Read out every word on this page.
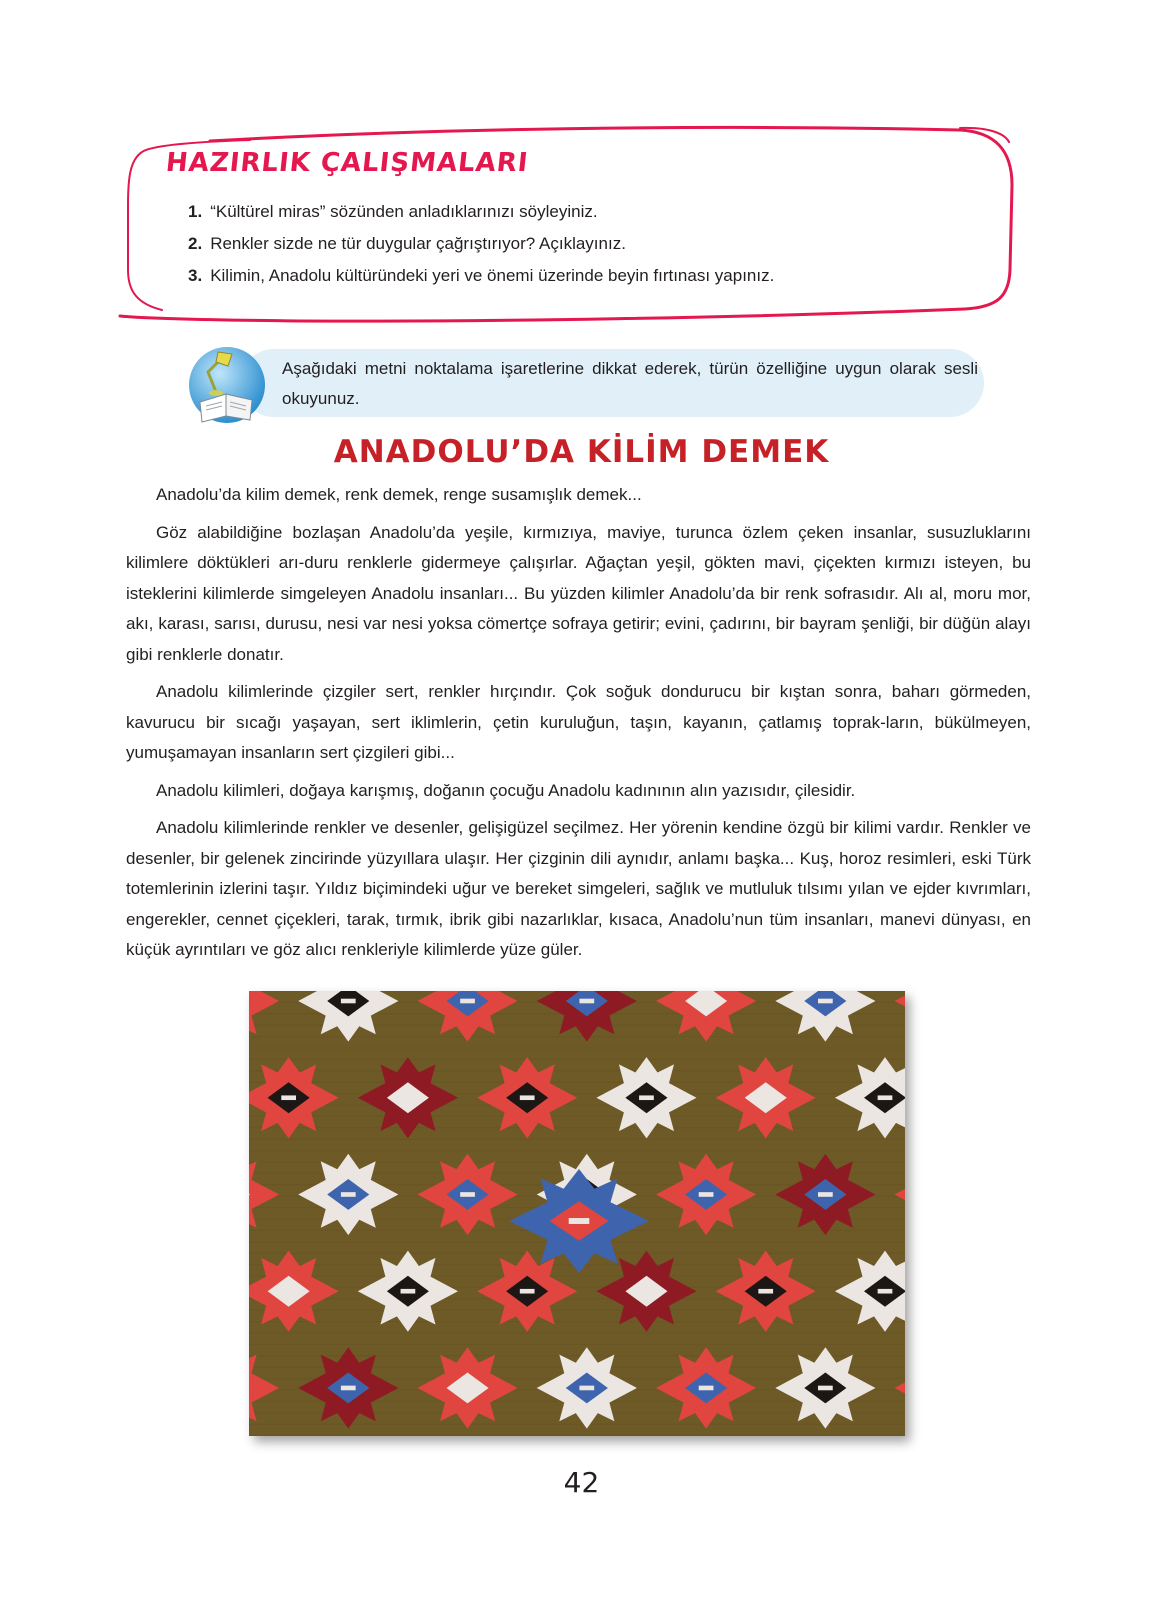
HAZIRLIK ÇALIŞMALARI
1. “Kültürel miras” sözünden anladıklarınızı söyleyiniz.
2. Renkler sizde ne tür duygular çağrıştırıyor? Açıklayınız.
3. Kilimin, Anadolu kültüründeki yeri ve önemi üzerinde beyin fırtınası yapınız.

Aşağıdaki metni noktalama işaretlerine dikkat ederek, türün özelliğine uygun olarak sesli okuyunuz.

ANADOLU’DA KİLİM DEMEK

Anadolu’da kilim demek, renk demek, renge susamışlık demek...

Göz alabildiğine bozlaşan Anadolu’da yeşile, kırmızıya, maviye, turunca özlem çeken insanlar, susuzluklarını kilimlere döktükleri arı-duru renklerle gidermeye çalışırlar. Ağaçtan yeşil, gökten mavi, çiçekten kırmızı isteyen, bu isteklerini kilimlerde simgeleyen Anadolu insanları... Bu yüzden kilimler Anadolu’da bir renk sofrasıdır. Alı al, moru mor, akı, karası, sarısı, durusu, nesi var nesi yoksa cömertçe sofraya getirir; evini, çadırını, bir bayram şenliği, bir düğün alayı gibi renklerle donatır.

Anadolu kilimlerinde çizgiler sert, renkler hırçındır. Çok soğuk dondurucu bir kıştan sonra, baharı görmeden, kavurucu bir sıcağı yaşayan, sert iklimlerin, çetin kuruluğun, taşın, kayanın, çatlamış toprak-ların, bükülmeyen, yumuşamayan insanların sert çizgileri gibi...

Anadolu kilimleri, doğaya karışmış, doğanın çocuğu Anadolu kadınının alın yazısıdır, çilesidir.

Anadolu kilimlerinde renkler ve desenler, gelişigüzel seçilmez. Her yörenin kendine özgü bir kilimi vardır. Renkler ve desenler, bir gelenek zincirinde yüzyıllara ulaşır. Her çizginin dili aynıdır, anlamı başka... Kuş, horoz resimleri, eski Türk totemlerinin izlerini taşır. Yıldız biçimindeki uğur ve bereket simgeleri, sağlık ve mutluluk tılsımı yılan ve ejder kıvrımları, engerekler, cennet çiçekleri, tarak, tırmık, ibrik gibi nazarlıklar, kısaca, Anadolu’nun tüm insanları, manevi dünyası, en küçük ayrıntıları ve göz alıcı renkleriyle kilimlerde yüze güler.

42
